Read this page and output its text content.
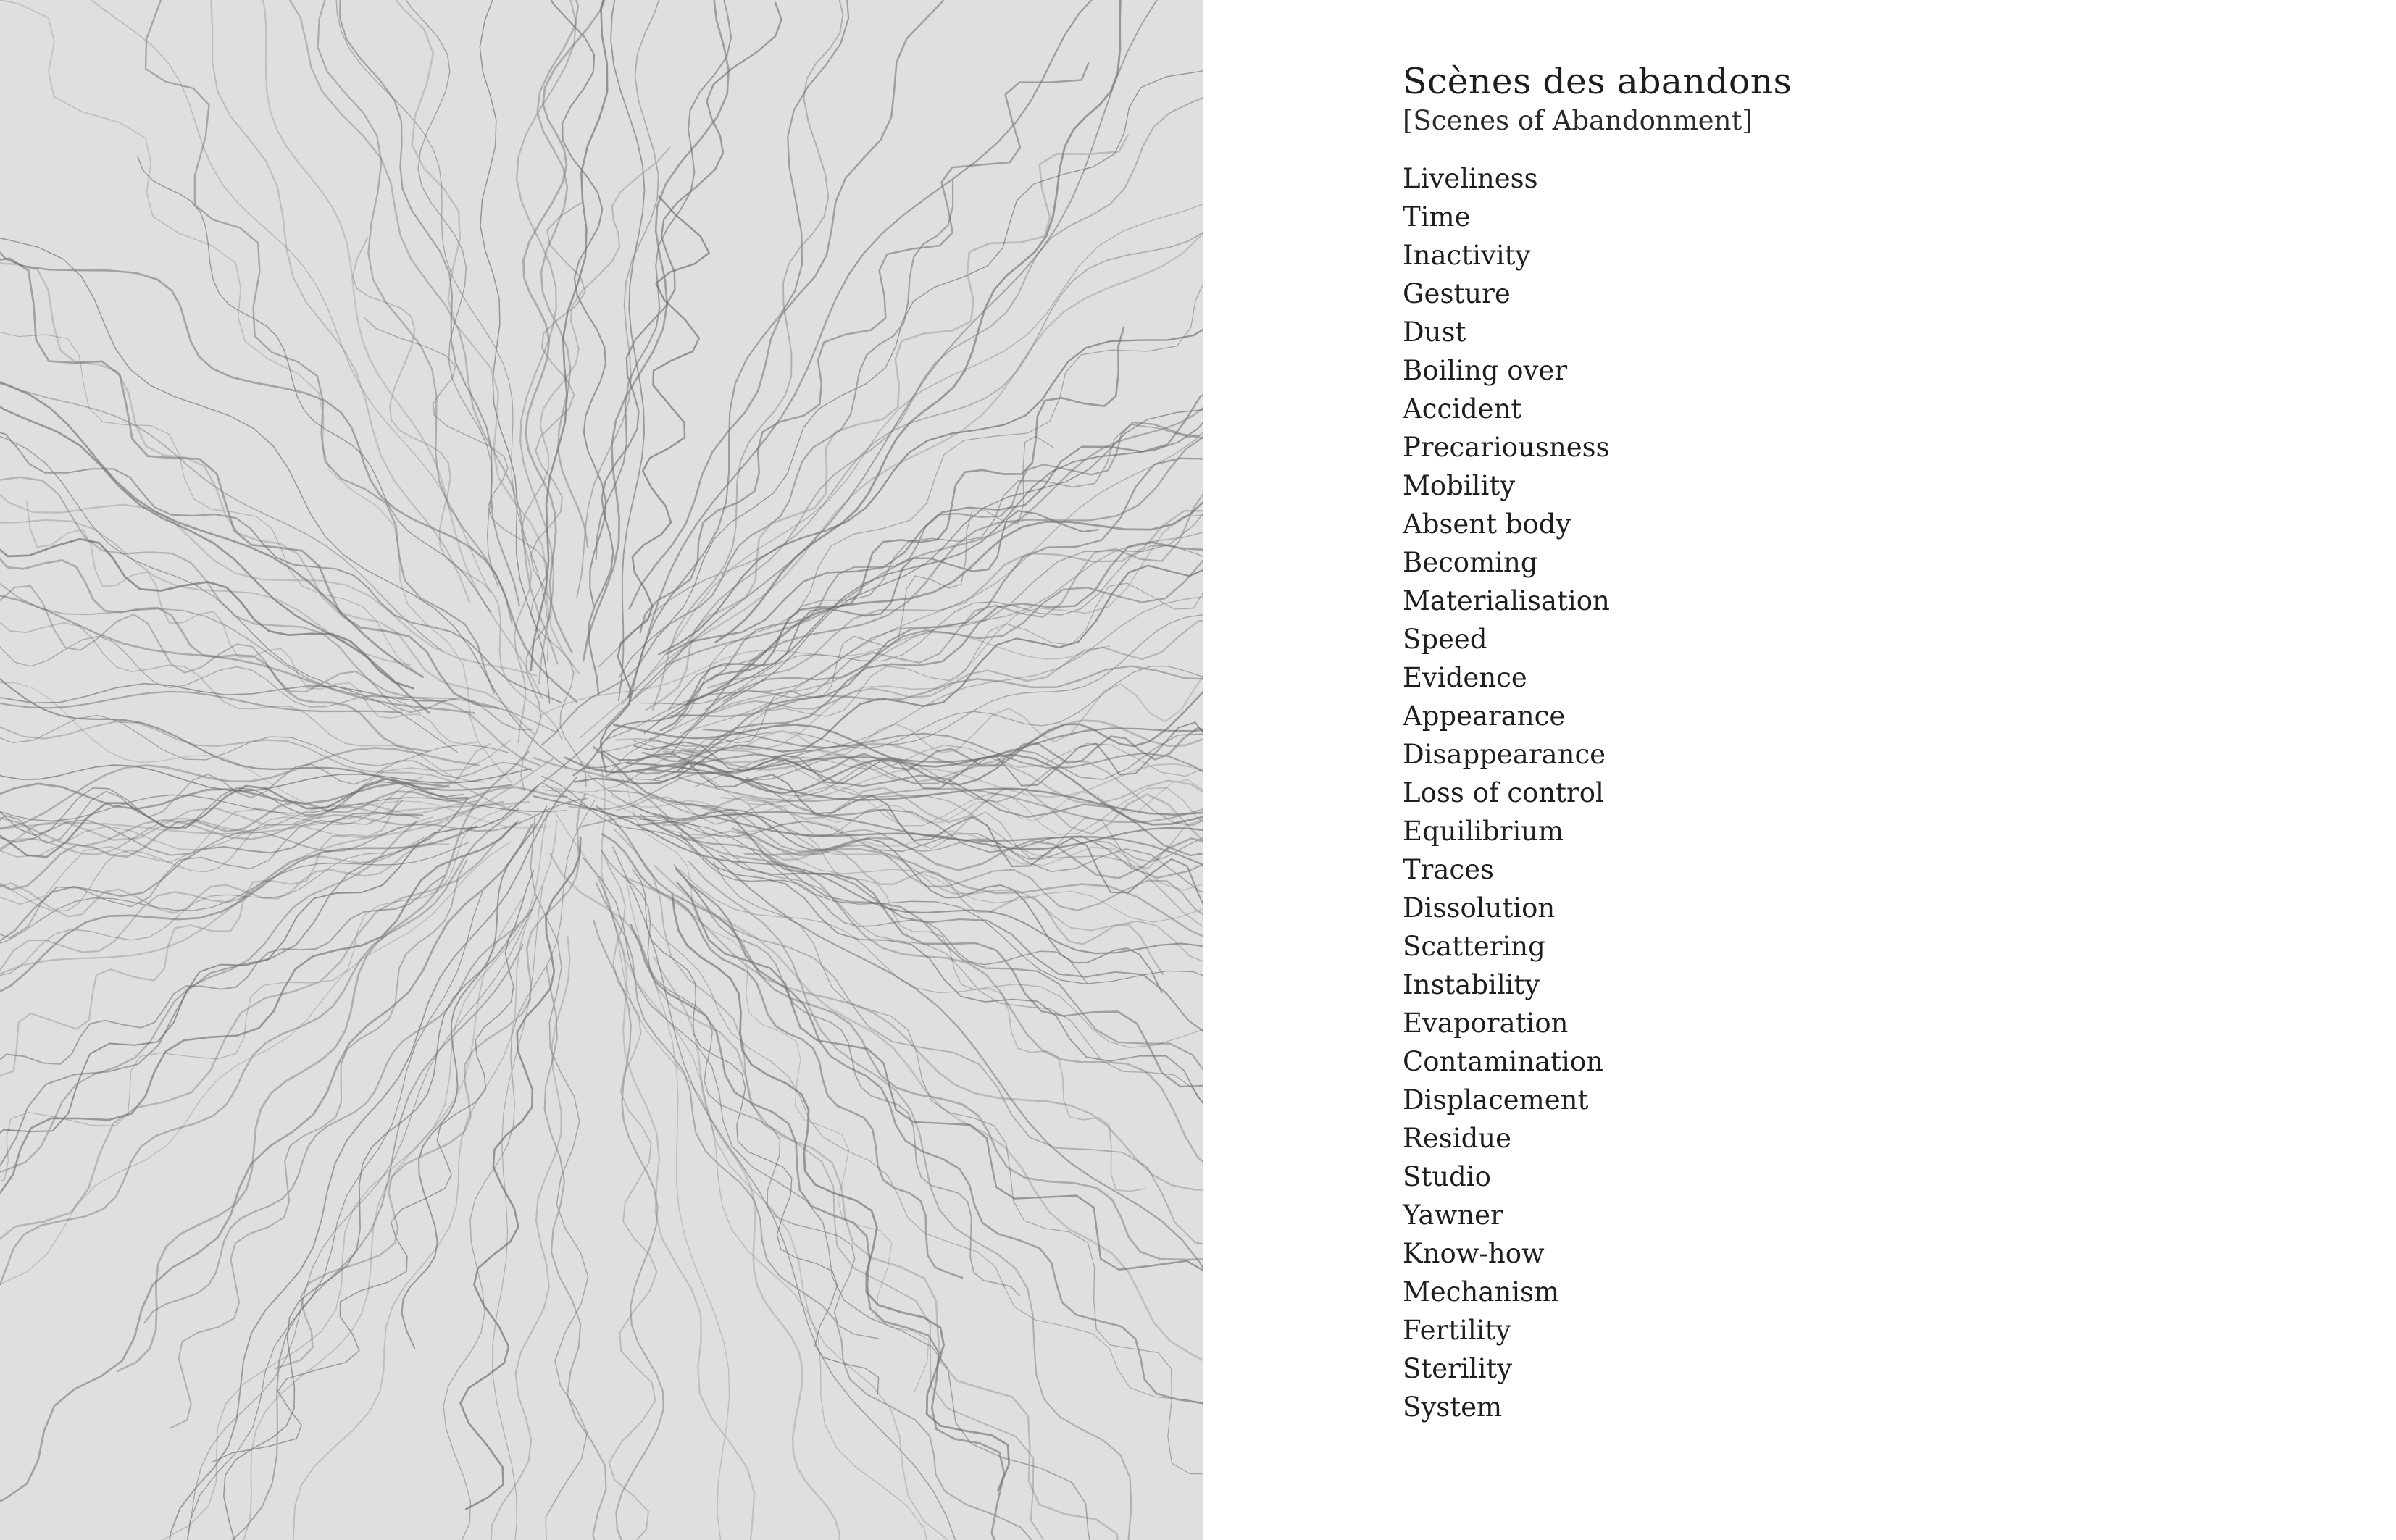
Scènes des abandons
[Scenes of Abandonment]
Liveliness
Time
Inactivity
Gesture
Dust
Boiling over
Accident
Precariousness
Mobility
Absent body
Becoming
Materialisation
Speed
Evidence
Appearance
Disappearance
Loss of control
Equilibrium
Traces
Dissolution
Scattering
Instability
Evaporation
Contamination
Displacement
Residue
Studio
Yawner
Know-how
Mechanism
Fertility
Sterility
System
